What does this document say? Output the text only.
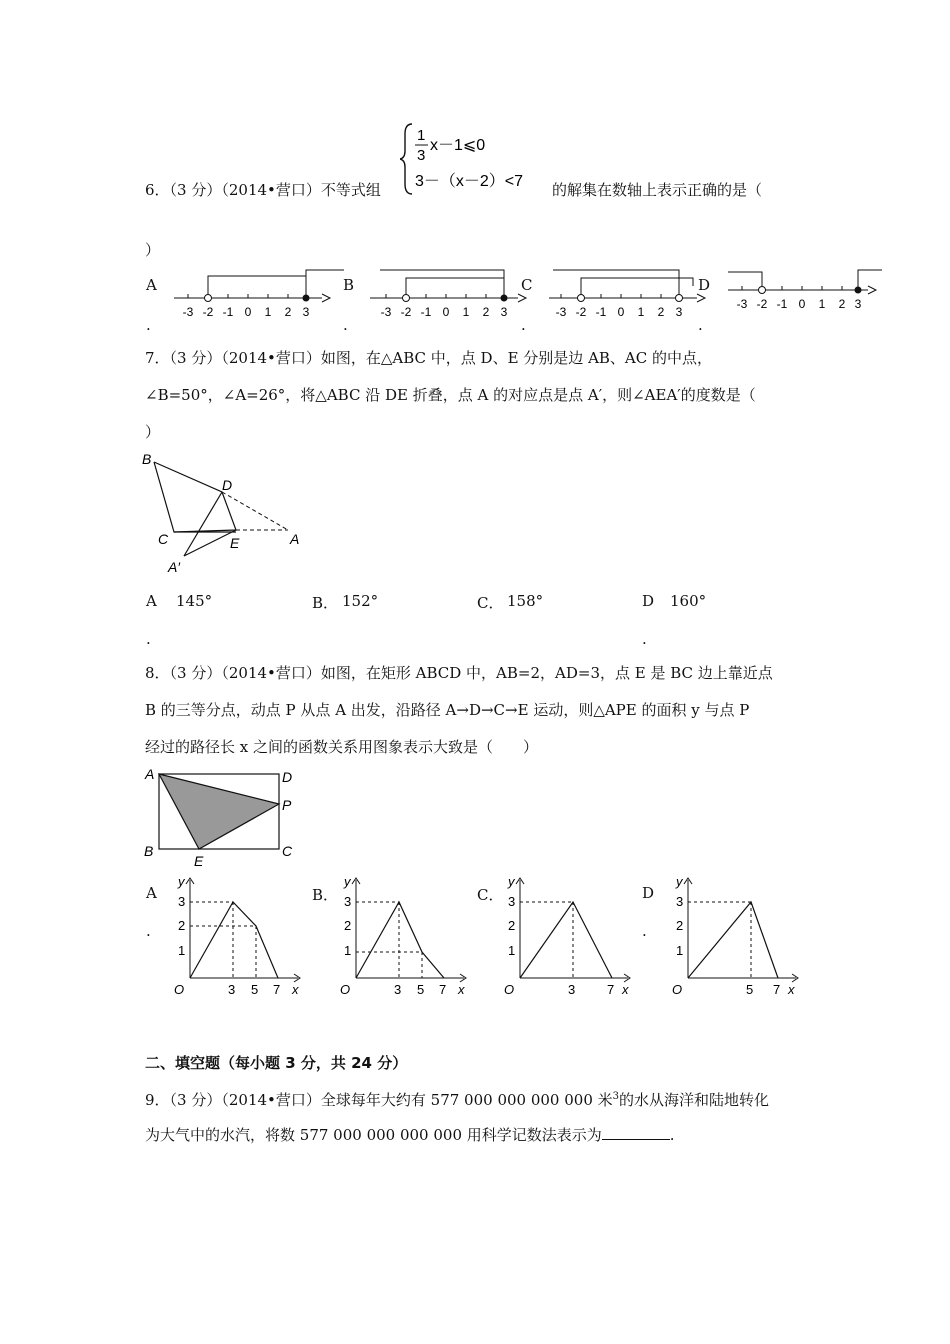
6．（3 分）（2014•营口）不等式组
1
3
x－1⩽0
3－（x－2）<7 的解集在数轴上表示正确的是（
）
A
.
B
.
C
.
D
.
-3 -2 -1 0 1 2 3	-3 -2 -1 0 1 2 3	-3 -2 -1 0 1 2 3
-3 -2 -1 0 1 2 3
7．（3 分）（2014•营口）如图，在△ABC 中，点 D、E 分别是边 AB、AC 的中点，
∠B=50°，∠A=26°，将△ABC 沿 DE 折叠，点 A 的对应点是点 A′，则∠AEA′的度数是（
）
B
D
C	E	A
A′
A 145°
.
B． 152°	C． 158°	D 160°
.
8．（3 分）（2014•营口）如图，在矩形 ABCD 中，AB=2，AD=3，点 E 是 BC 边上靠近点
B 的三等分点，动点 P 从点 A 出发，沿路径 A→D→C→E 运动，则△APE 的面积 y 与点 P
经过的路径长 x 之间的函数关系用图象表示大致是（　　）
A	D
P
B
E
C
A
.
B．	C．	D
.
y
3
2
1
O	3 5 7 x
y
3
2
1
O	3 5 7 x
y
3
2
1
O	3 7 x
y
3
2
1
O	5 7 x
二、填空题（每小题 3 分，共 24 分）
9．（3 分）（2014•营口）全球每年大约有 577 000 000 000 000 米$^3$的水从海洋和陆地转化
为大气中的水汽，将数 577 000 000 000 000 用科学记数法表示为	.
